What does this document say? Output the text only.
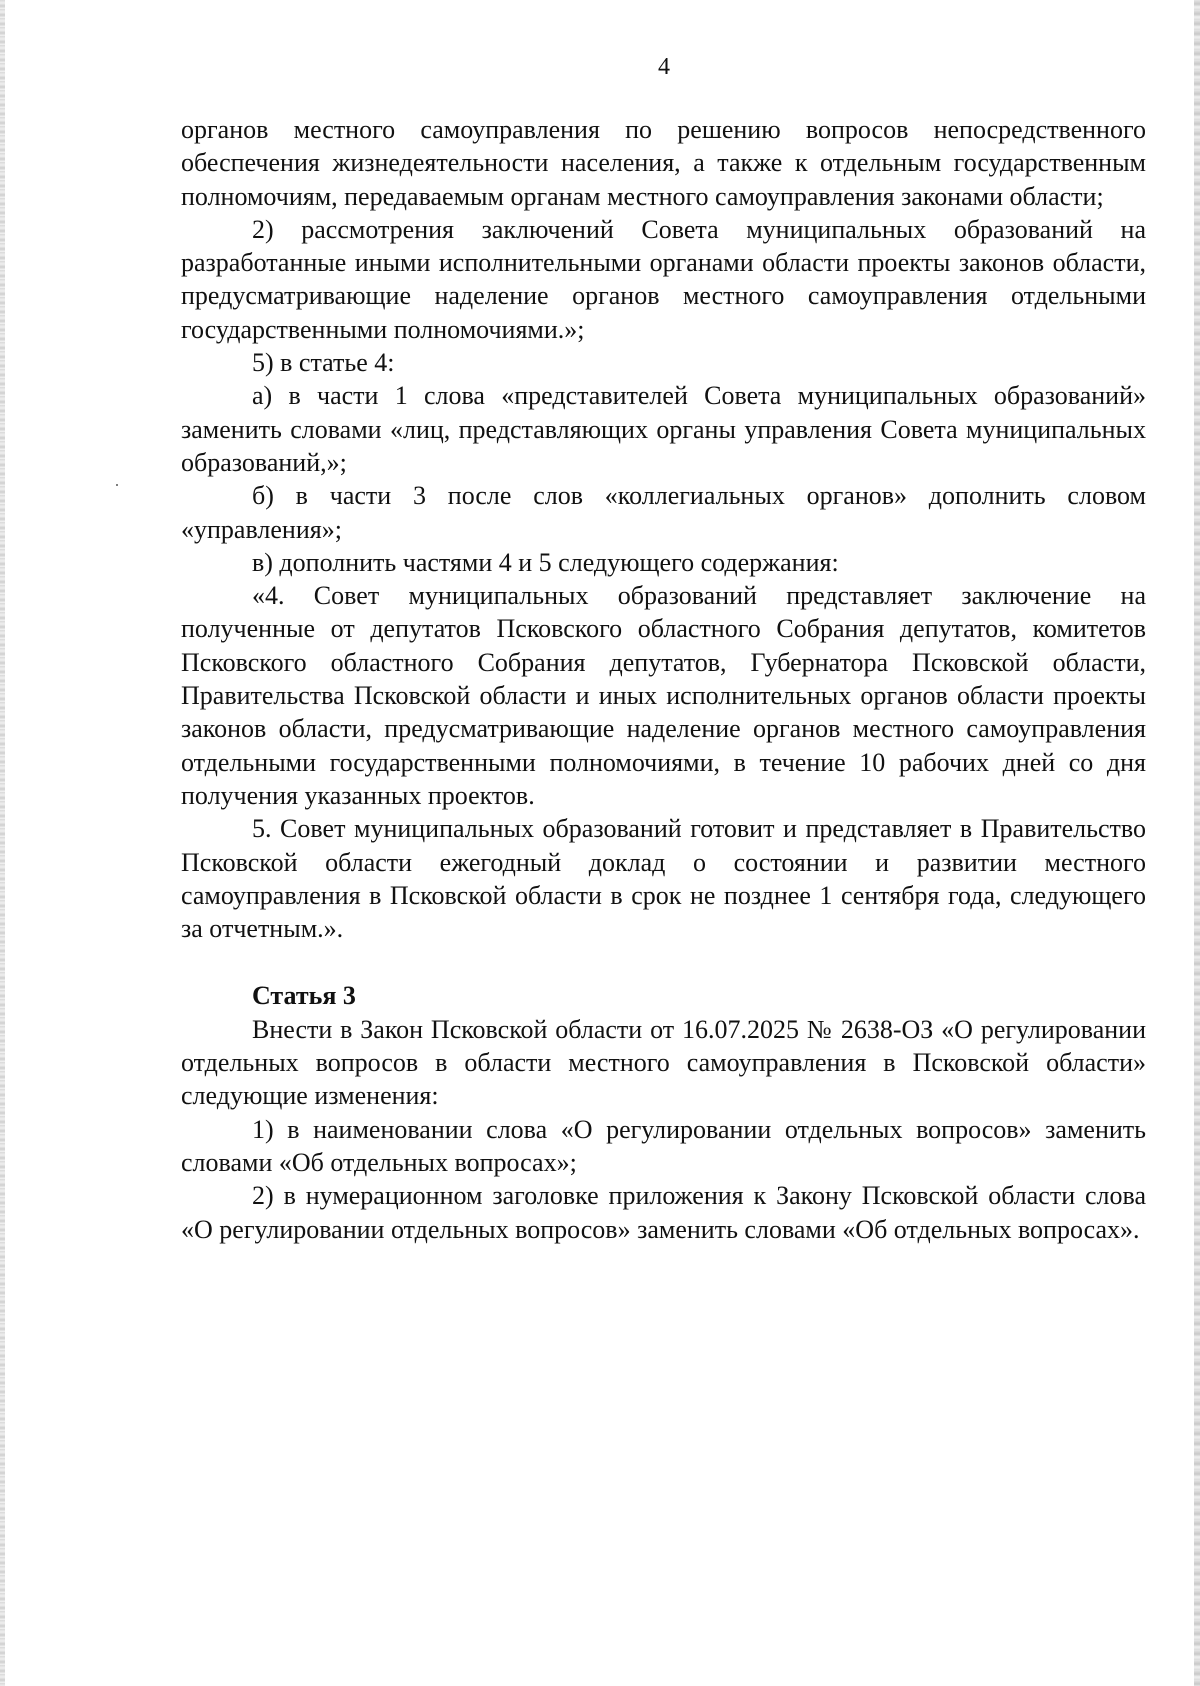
4

органов местного самоуправления по решению вопросов непосредственного обеспечения жизнедеятельности населения, а также к отдельным государственным полномочиям, передаваемым органам местного самоуправления законами области;

2) рассмотрения заключений Совета муниципальных образований на разработанные иными исполнительными органами области проекты законов области, предусматривающие наделение органов местного самоуправления отдельными государственными полномочиями.»;

5) в статье 4:

а) в части 1 слова «представителей Совета муниципальных образований» заменить словами «лиц, представляющих органы управления Совета муниципальных образований,»;

б) в части 3 после слов «коллегиальных органов» дополнить словом «управления»;

в) дополнить частями 4 и 5 следующего содержания:

«4. Совет муниципальных образований представляет заключение на полученные от депутатов Псковского областного Собрания депутатов, комитетов Псковского областного Собрания депутатов, Губернатора Псковской области, Правительства Псковской области и иных исполнительных органов области проекты законов области, предусматривающие наделение органов местного самоуправления отдельными государственными полномочиями, в течение 10 рабочих дней со дня получения указанных проектов.

5. Совет муниципальных образований готовит и представляет в Правительство Псковской области ежегодный доклад о состоянии и развитии местного самоуправления в Псковской области в срок не позднее 1 сентября года, следующего за отчетным.».

Статья 3

Внести в Закон Псковской области от 16.07.2025 № 2638-ОЗ «О регулировании отдельных вопросов в области местного самоуправления в Псковской области» следующие изменения:

1) в наименовании слова «О регулировании отдельных вопросов» заменить словами «Об отдельных вопросах»;

2) в нумерационном заголовке приложения к Закону Псковской области слова «О регулировании отдельных вопросов» заменить словами «Об отдельных вопросах».
